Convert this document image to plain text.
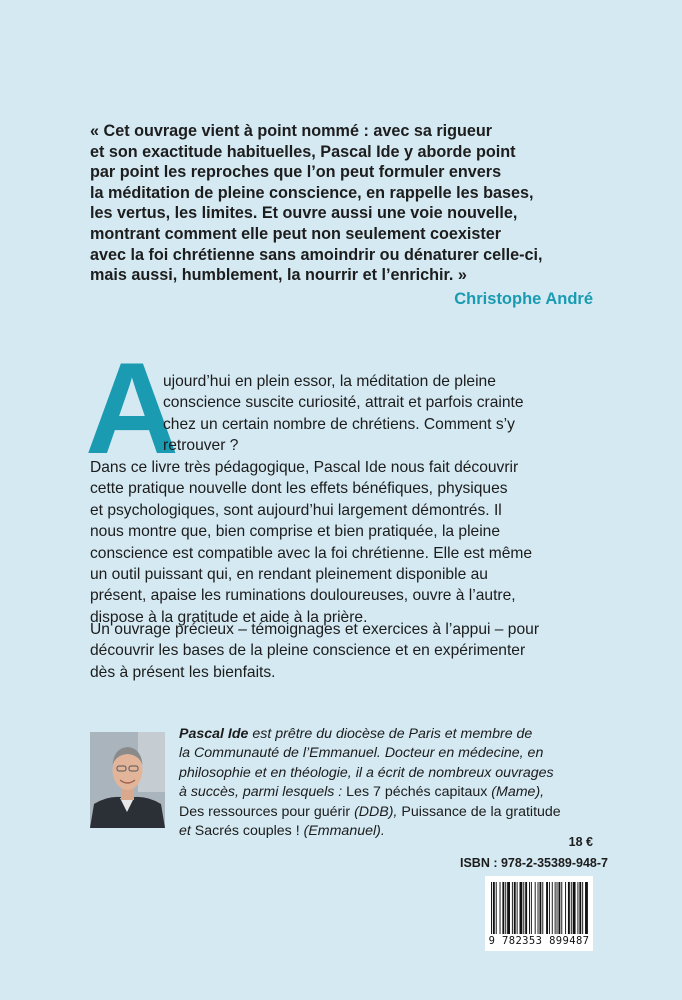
« Cet ouvrage vient à point nommé : avec sa rigueur
et son exactitude habituelles, Pascal Ide y aborde point
par point les reproches que l’on peut formuler envers
la méditation de pleine conscience, en rappelle les bases,
les vertus, les limites. Et ouvre aussi une voie nouvelle,
montrant comment elle peut non seulement coexister
avec la foi chrétienne sans amoindrir ou dénaturer celle-ci,
mais aussi, humblement, la nourrir et l’enrichir. »
Christophe André
A
ujourd’hui en plein essor, la méditation de pleine
conscience suscite curiosité, attrait et parfois crainte
chez un certain nombre de chrétiens. Comment s’y
retrouver ?
Dans ce livre très pédagogique, Pascal Ide nous fait découvrir
cette pratique nouvelle dont les effets bénéfiques, physiques
et psychologiques, sont aujourd’hui largement démontrés. Il
nous montre que, bien comprise et bien pratiquée, la pleine
conscience est compatible avec la foi chrétienne. Elle est même
un outil puissant qui, en rendant pleinement disponible au
présent, apaise les ruminations douloureuses, ouvre à l’autre,
dispose à la gratitude et aide à la prière.
Un ouvrage précieux – témoignages et exercices à l’appui – pour
découvrir les bases de la pleine conscience et en expérimenter
dès à présent les bienfaits.
Pascal Ide est prêtre du diocèse de Paris et membre de
la Communauté de l’Emmanuel. Docteur en médecine, en
philosophie et en théologie, il a écrit de nombreux ouvrages
à succès, parmi lesquels : Les 7 péchés capitaux (Mame),
Des ressources pour guérir (DDB), Puissance de la gratitude
et Sacrés couples ! (Emmanuel).
18 €
ISBN : 978-2-35389-948-7
9 782353 899487
